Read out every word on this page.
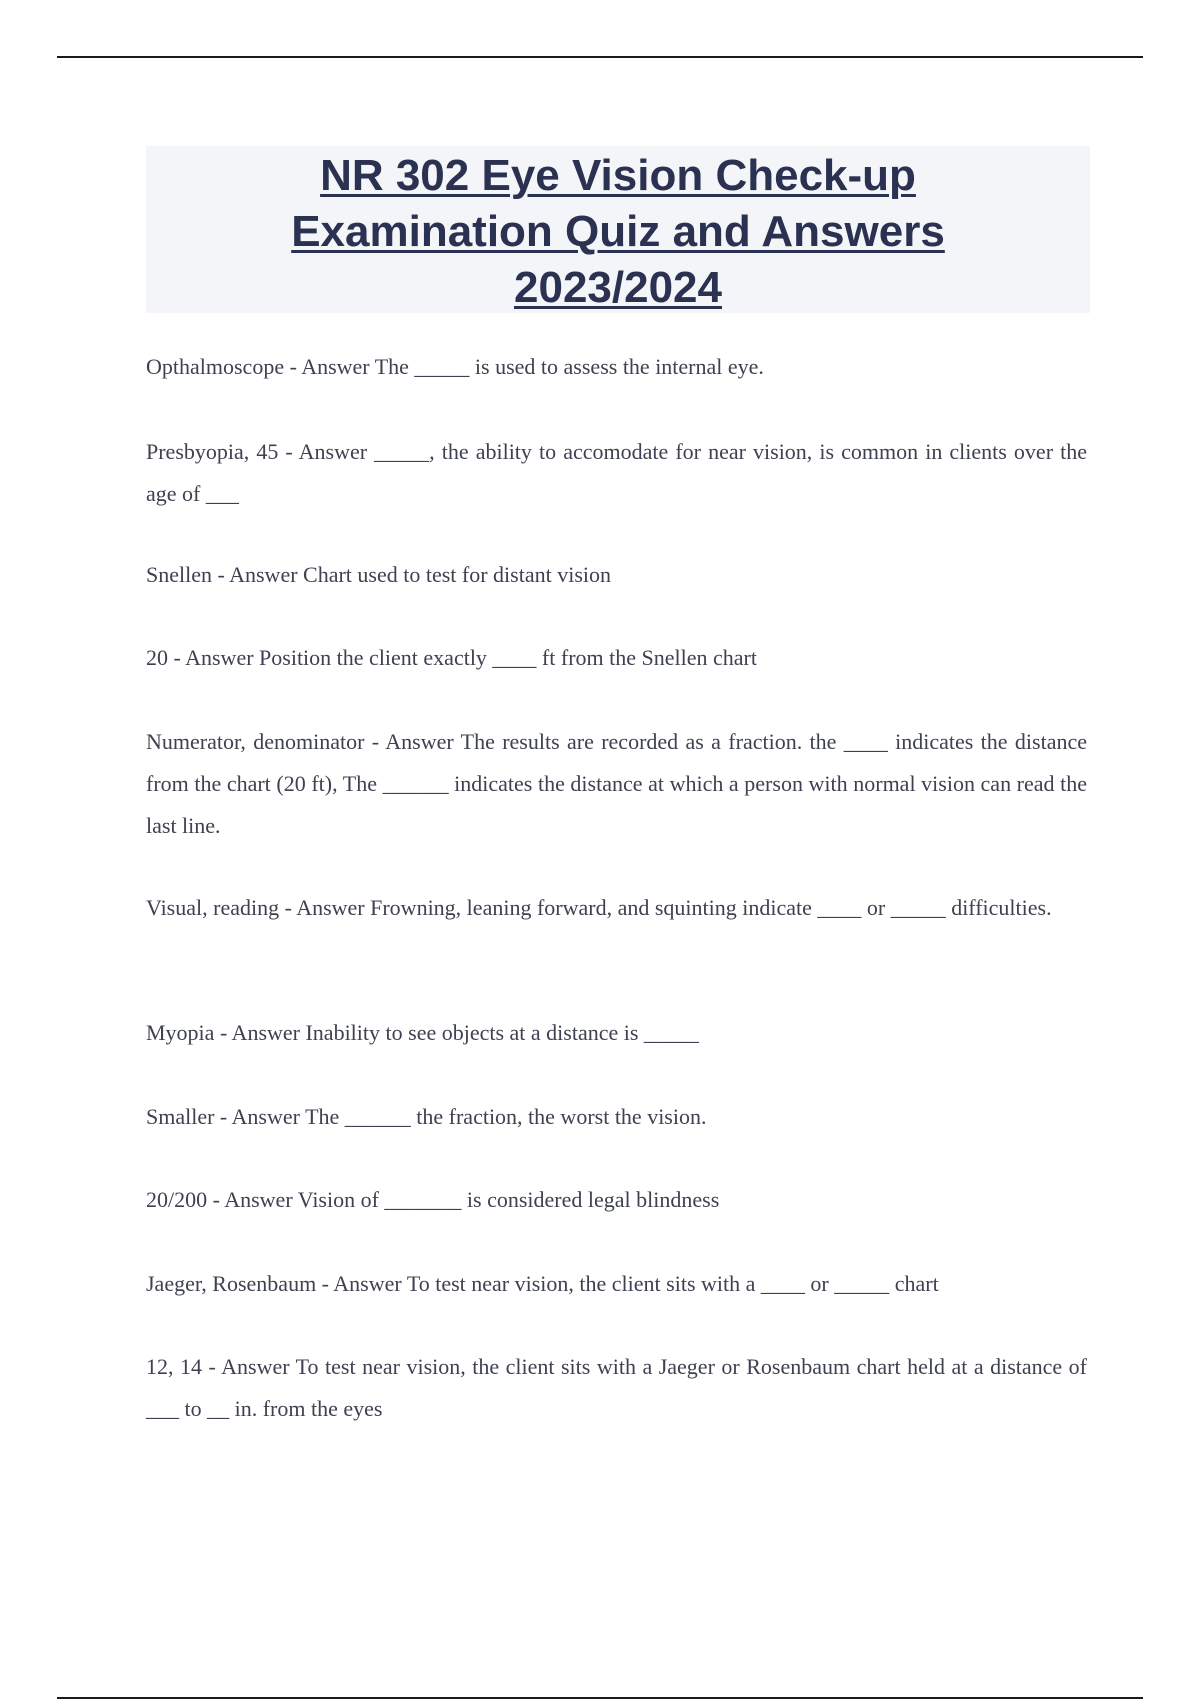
NR 302 Eye Vision Check-up
Examination Quiz and Answers
2023/2024

Opthalmoscope - Answer The _____ is used to assess the internal eye.

Presbyopia, 45 - Answer _____, the ability to accomodate for near vision, is common in clients over the age of ___

Snellen - Answer Chart used to test for distant vision

20 - Answer Position the client exactly ____ ft from the Snellen chart

Numerator, denominator - Answer The results are recorded as a fraction. the ____ indicates the distance from the chart (20 ft), The ______ indicates the distance at which a person with normal vision can read the last line.

Visual, reading - Answer Frowning, leaning forward, and squinting indicate ____ or _____ difficulties.

Myopia - Answer Inability to see objects at a distance is _____

Smaller - Answer The ______ the fraction, the worst the vision.

20/200 - Answer Vision of _______ is considered legal blindness

Jaeger, Rosenbaum - Answer To test near vision, the client sits with a ____ or _____ chart

12, 14 - Answer To test near vision, the client sits with a Jaeger or Rosenbaum chart held at a distance of ___ to __ in. from the eyes
